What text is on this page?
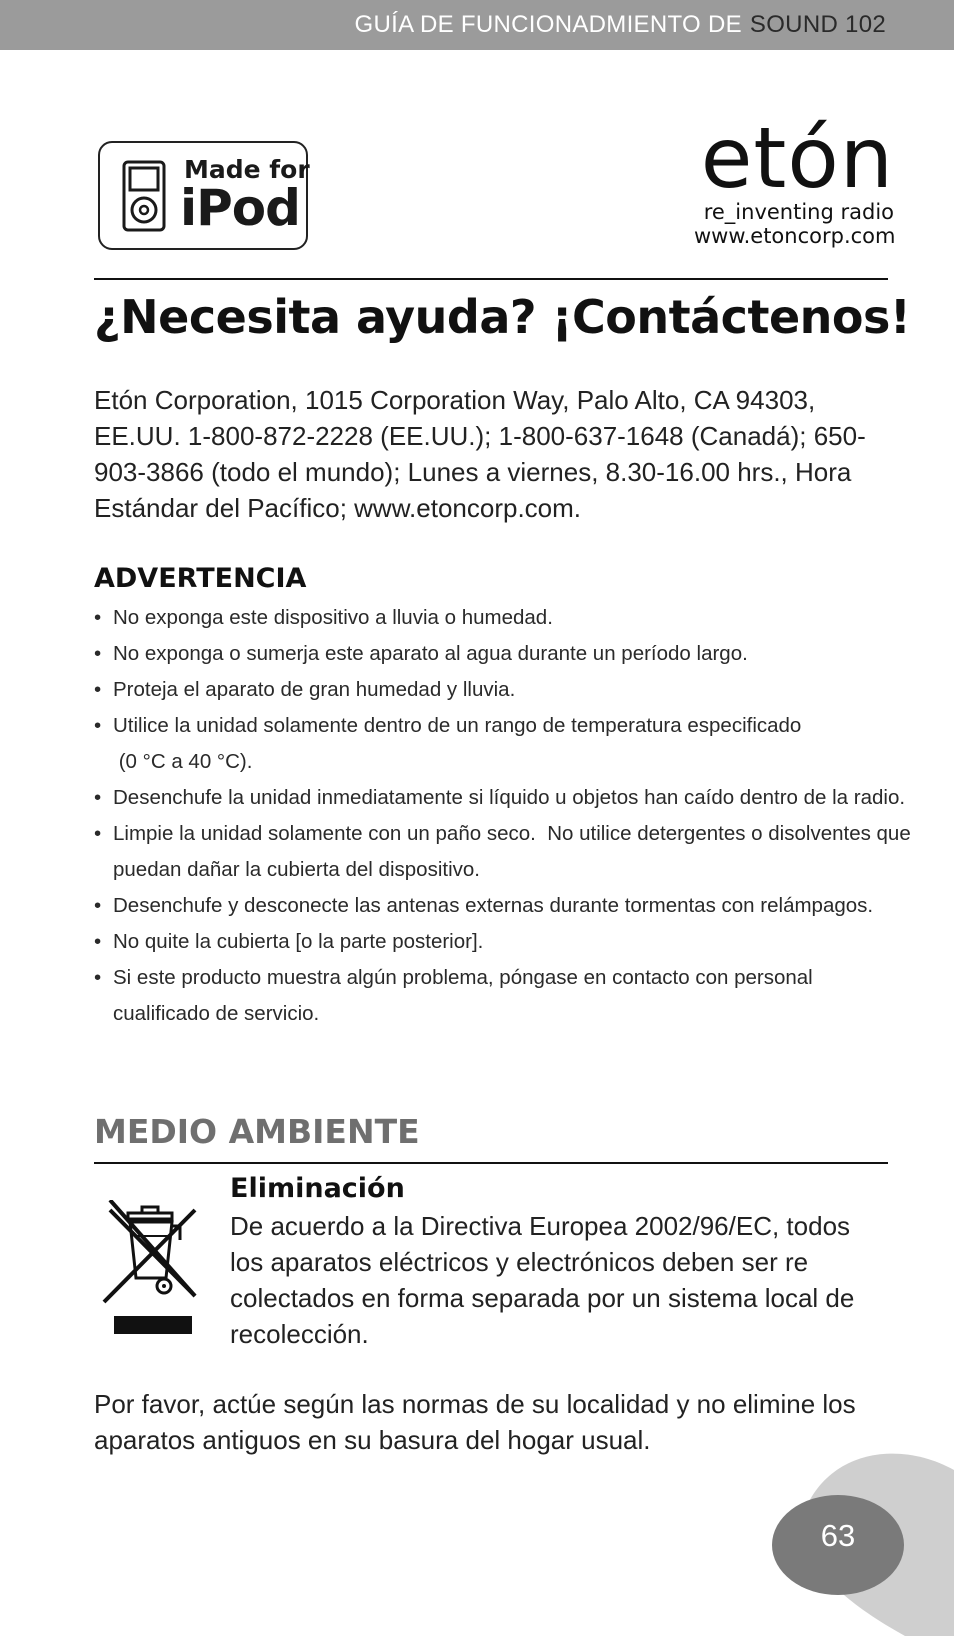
GUÍA DE FUNCIONADMIENTO DE SOUND 102
Made for
iPod
etón
re_inventing radio
www.etoncorp.com
¿Necesita ayuda? ¡Contáctenos!
Etón Corporation, 1015 Corporation Way, Palo Alto, CA 94303, EE.UU. 1-800-872-2228 (EE.UU.); 1-800-637-1648 (Canadá); 650-903-3866 (todo el mundo); Lunes a viernes, 8.30-16.00 hrs., Hora Estándar del Pacífico; www.etoncorp.com.
ADVERTENCIA
• No exponga este dispositivo a lluvia o humedad.
• No exponga o sumerja este aparato al agua durante un período largo.
• Proteja el aparato de gran humedad y lluvia.
• Utilice la unidad solamente dentro de un rango de temperatura especificado
(0 °C a 40 °C).
• Desenchufe la unidad inmediatamente si líquido u objetos han caído dentro de la radio.
• Limpie la unidad solamente con un paño seco.  No utilice detergentes o disolventes que puedan dañar la cubierta del dispositivo.
• Desenchufe y desconecte las antenas externas durante tormentas con relámpagos.
• No quite la cubierta [o la parte posterior].
• Si este producto muestra algún problema, póngase en contacto con personal cualificado de servicio.
MEDIO AMBIENTE
Eliminación
De acuerdo a la Directiva Europea 2002/96/EC, todos los aparatos eléctricos y electrónicos deben ser re colectados en forma separada por un sistema local de recolección.
Por favor, actúe según las normas de su localidad y no elimine los aparatos antiguos en su basura del hogar usual.
63
